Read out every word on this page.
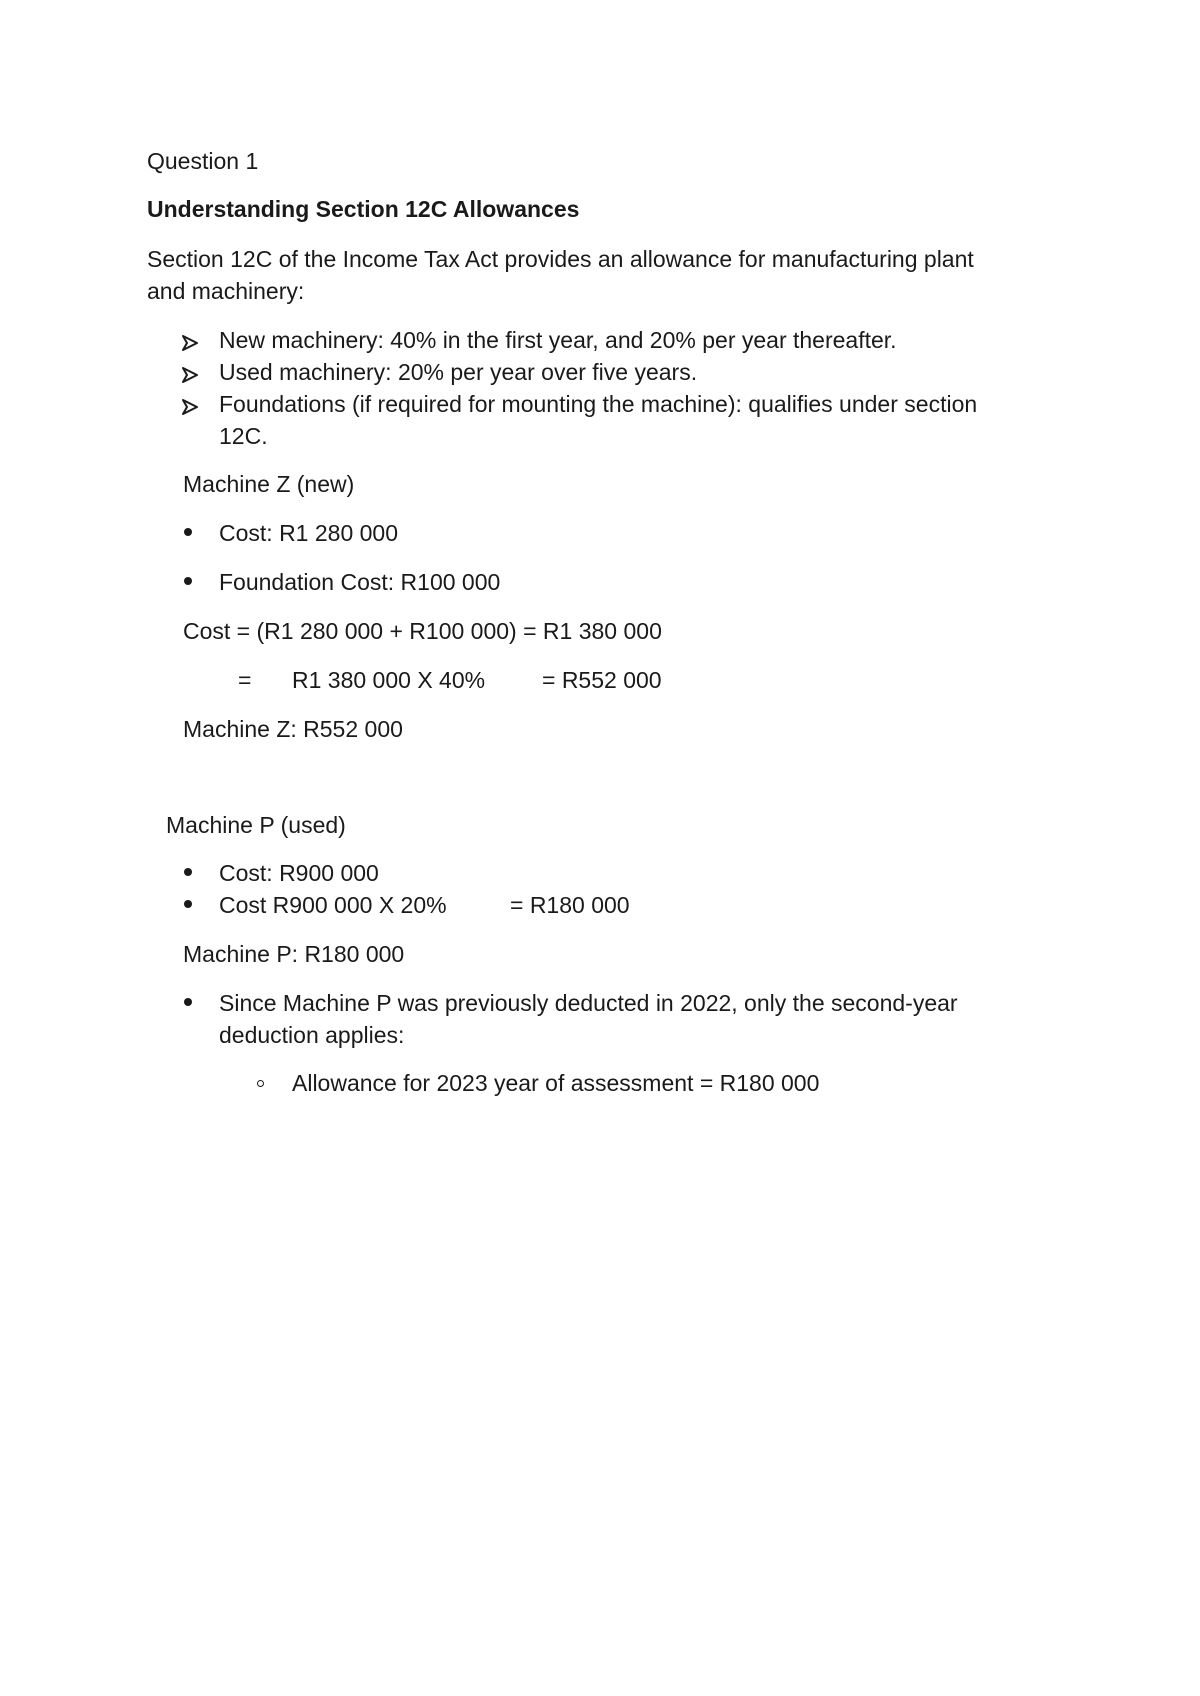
Question 1
Understanding Section 12C Allowances
Section 12C of the Income Tax Act provides an allowance for manufacturing plant
and machinery:
New machinery: 40% in the first year, and 20% per year thereafter.
Used machinery: 20% per year over five years.
Foundations (if required for mounting the machine): qualifies under section
12C.
Machine Z (new)
Cost: R1 280 000
Foundation Cost: R100 000
Cost = (R1 280 000 + R100 000) = R1 380 000
= R1 380 000 X 40% = R552 000
Machine Z: R552 000
Machine P (used)
Cost: R900 000
Cost R900 000 X 20%	= R180 000
Machine P: R180 000
Since Machine P was previously deducted in 2022, only the second-year
deduction applies:
Allowance for 2023 year of assessment = R180 000
